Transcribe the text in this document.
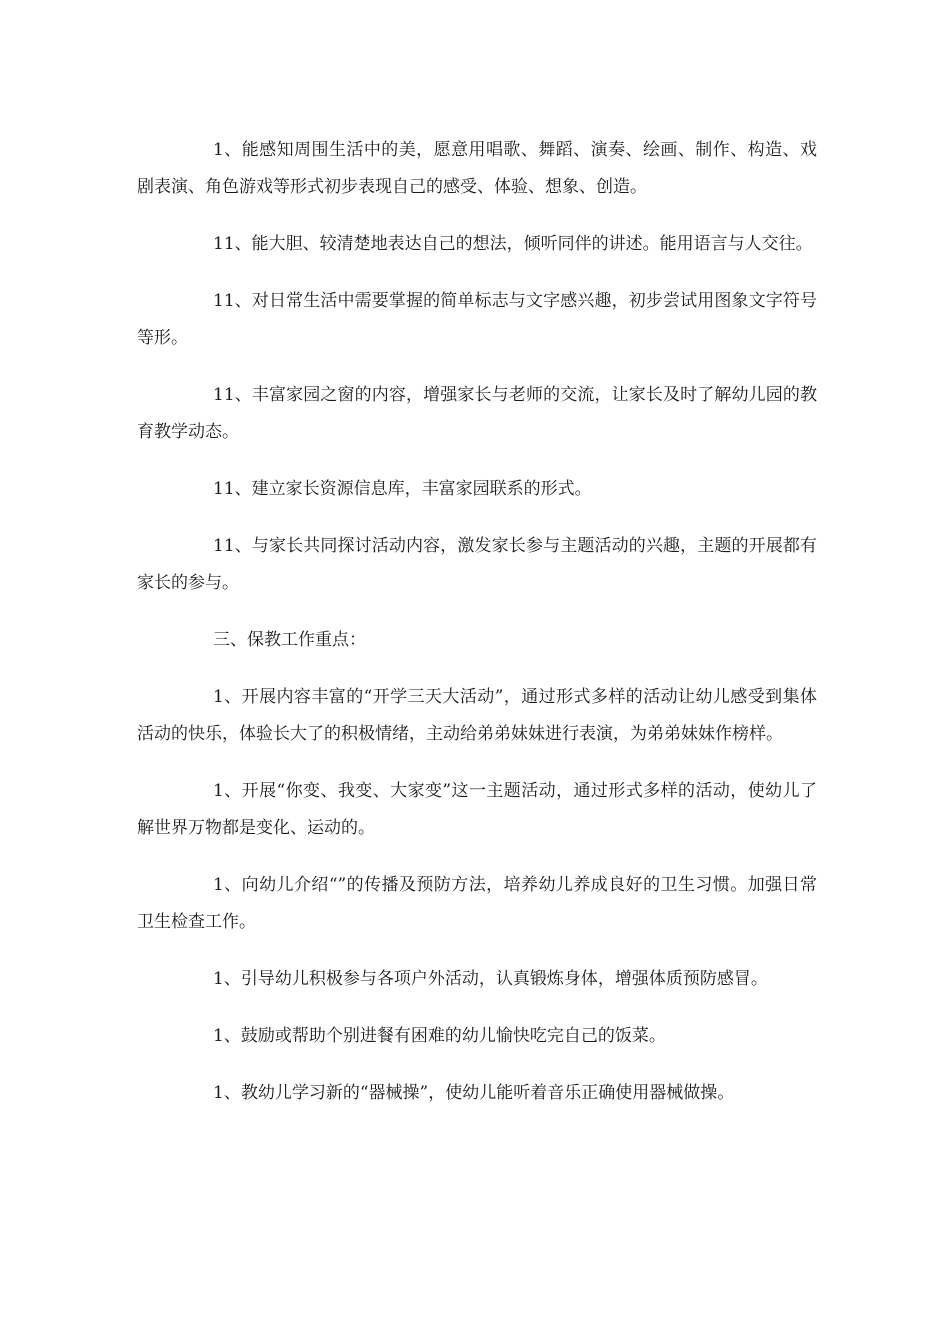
1、能感知周围生活中的美，愿意用唱歌、舞蹈、演奏、绘画、制作、构造、戏剧表演、角色游戏等形式初步表现自己的感受、体验、想象、创造。

11、能大胆、较清楚地表达自己的想法，倾听同伴的讲述。能用语言与人交往。

11、对日常生活中需要掌握的简单标志与文字感兴趣，初步尝试用图象文字符号等形。

11、丰富家园之窗的内容，增强家长与老师的交流，让家长及时了解幼儿园的教育教学动态。

11、建立家长资源信息库，丰富家园联系的形式。

11、与家长共同探讨活动内容，激发家长参与主题活动的兴趣，主题的开展都有家长的参与。

三、保教工作重点：

1、开展内容丰富的“开学三天大活动”，通过形式多样的活动让幼儿感受到集体活动的快乐，体验长大了的积极情绪，主动给弟弟妹妹进行表演，为弟弟妹妹作榜样。

1、开展“你变、我变、大家变”这一主题活动，通过形式多样的活动，使幼儿了解世界万物都是变化、运动的。

1、向幼儿介绍“”的传播及预防方法，培养幼儿养成良好的卫生习惯。加强日常卫生检查工作。

1、引导幼儿积极参与各项户外活动，认真锻炼身体，增强体质预防感冒。

1、鼓励或帮助个别进餐有困难的幼儿愉快吃完自己的饭菜。

1、教幼儿学习新的“器械操”，使幼儿能听着音乐正确使用器械做操。
